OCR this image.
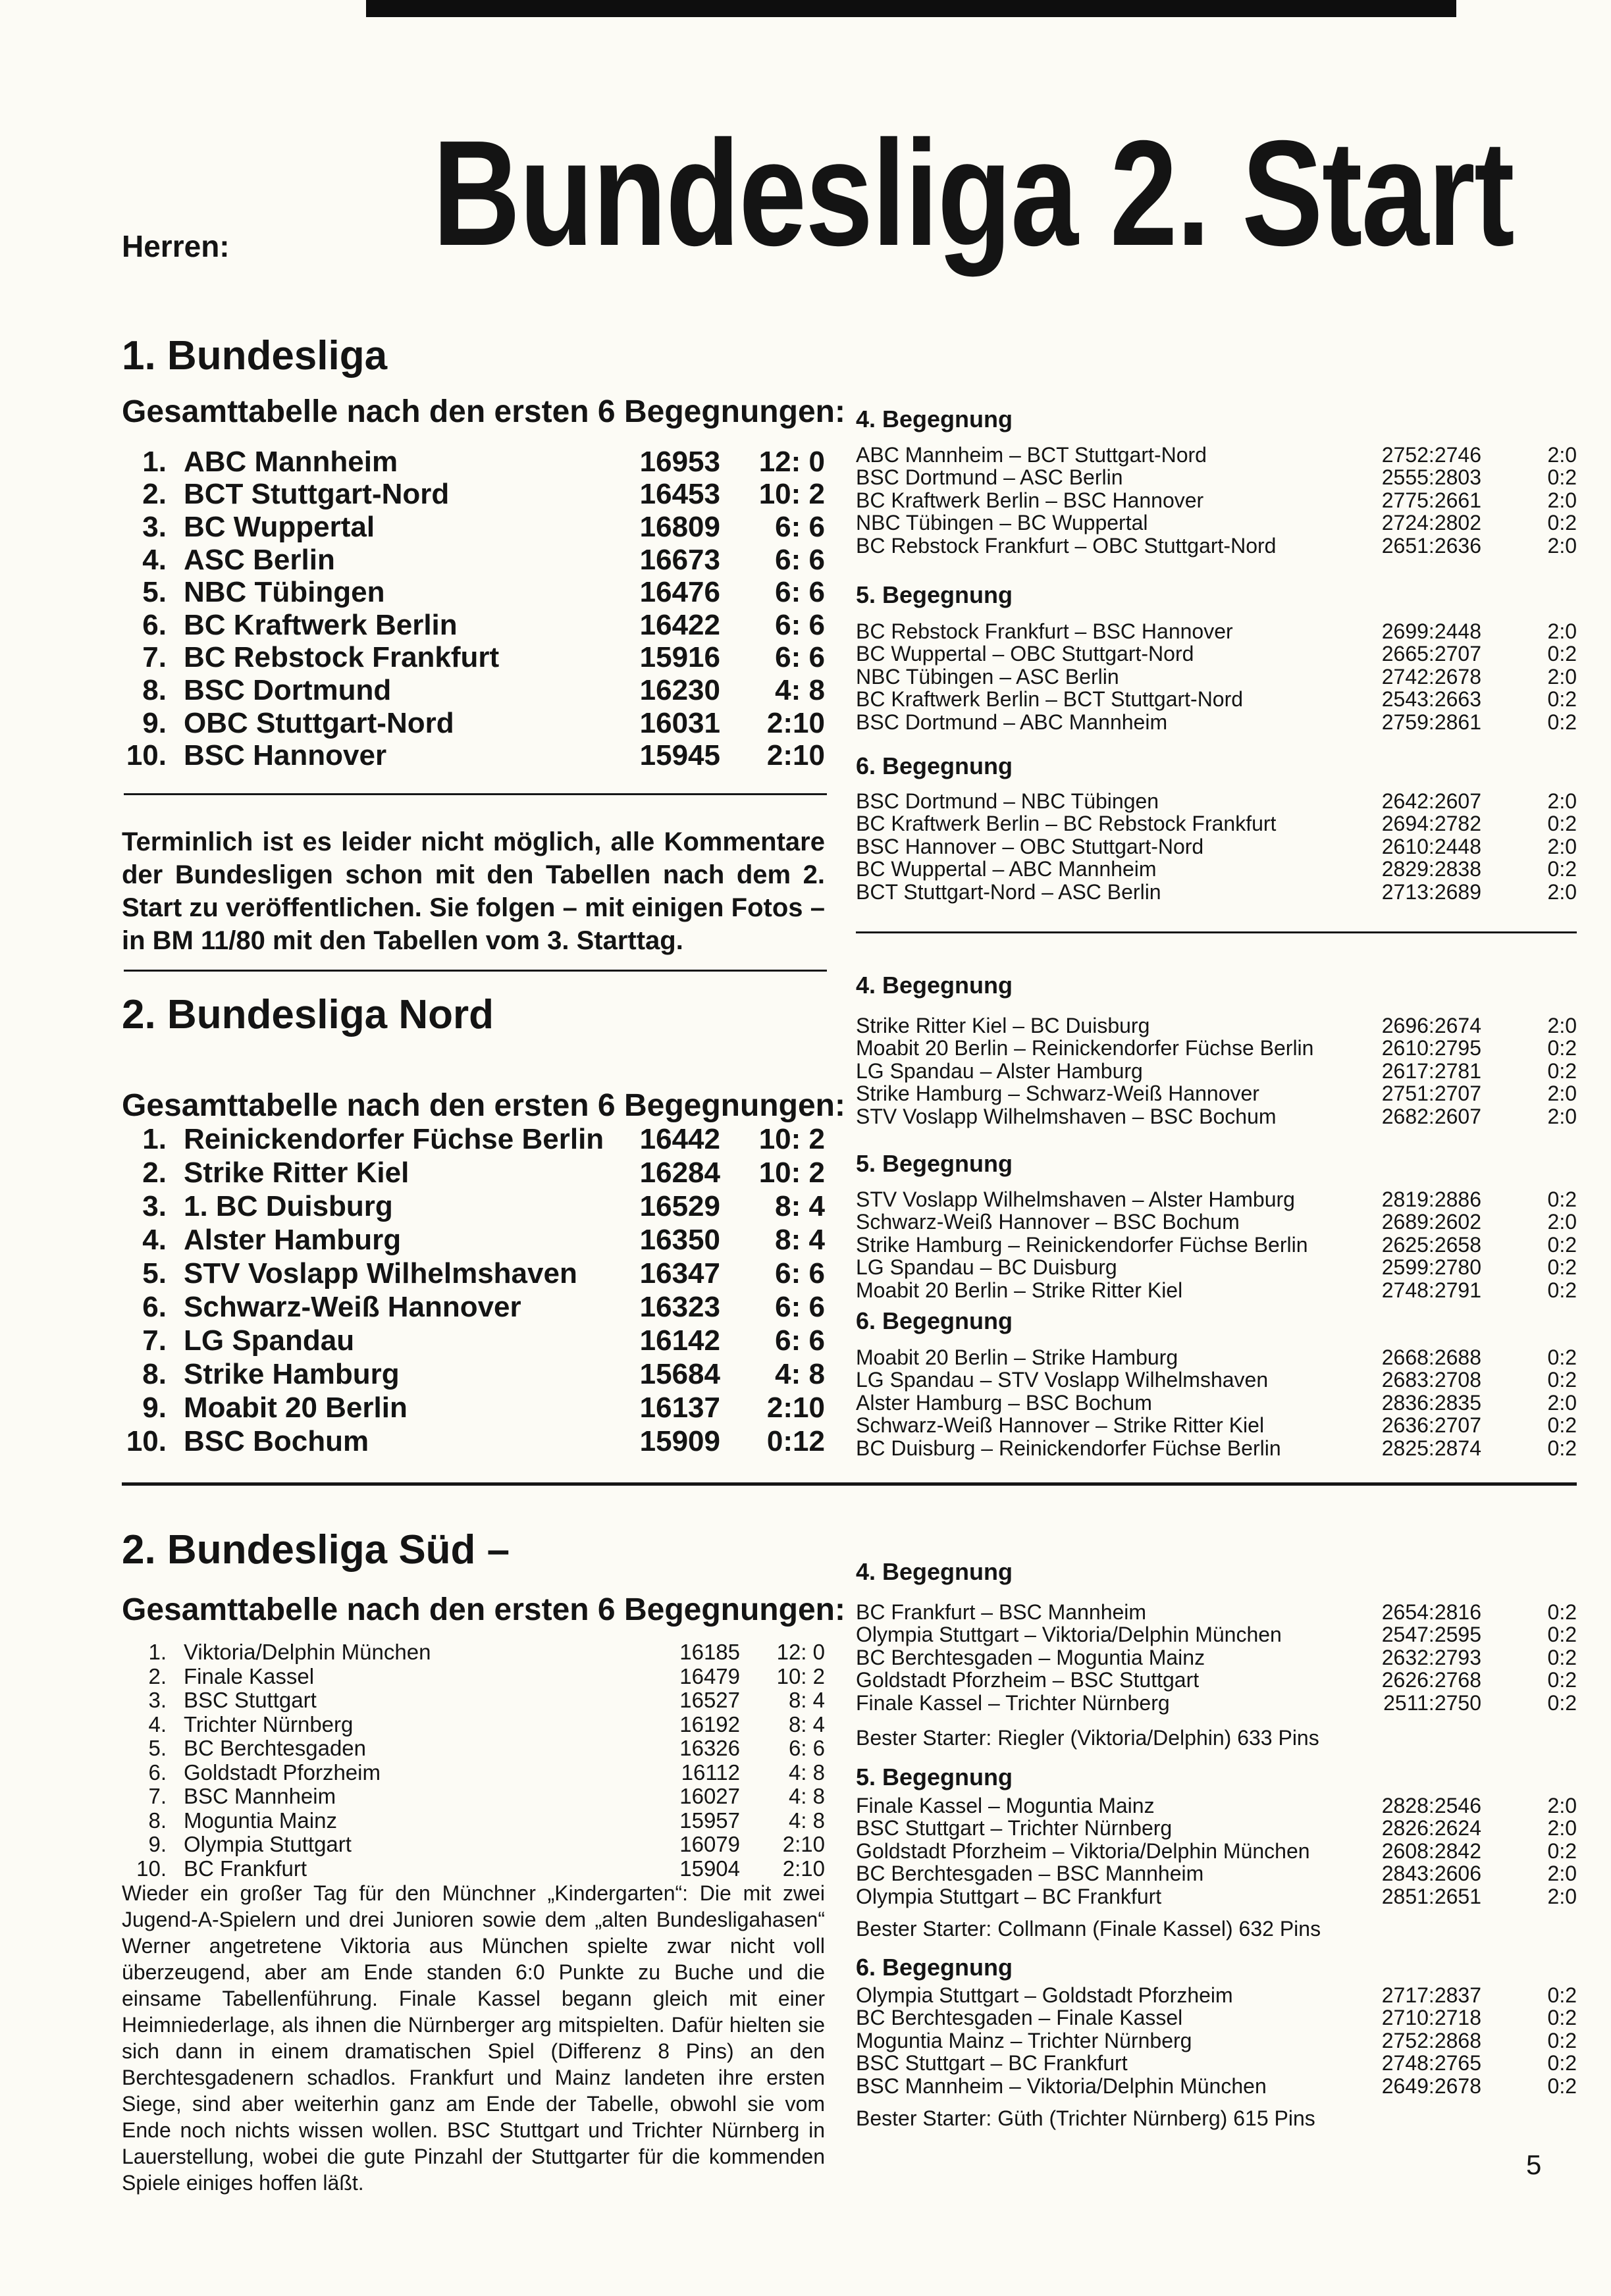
Herren: Bundesliga 2. Start
1. Bundesliga
Gesamttabelle nach den ersten 6 Begegnungen:
1. ABC Mannheim	16953	12: 0
2. BCT Stuttgart-Nord	16453	10: 2
3. BC Wuppertal	16809	6: 6
4. ASC Berlin	16673	6: 6
5. NBC Tübingen	16476	6: 6
6. BC Kraftwerk Berlin	16422	6: 6
7. BC Rebstock Frankfurt	15916	6: 6
8. BSC Dortmund	16230	4: 8
9. OBC Stuttgart-Nord	16031	2:10
10. BSC Hannover	15945	2:10
Terminlich ist es leider nicht möglich, alle Kommentare der Bundesligen schon mit den Tabellen nach dem 2. Start zu veröffentlichen. Sie folgen – mit einigen Fotos – in BM 11/80 mit den Tabellen vom 3. Starttag.
4. Begegnung
ABC Mannheim – BCT Stuttgart-Nord	2752:2746	2:0
BSC Dortmund – ASC Berlin	2555:2803	0:2
BC Kraftwerk Berlin – BSC Hannover	2775:2661	2:0
NBC Tübingen – BC Wuppertal	2724:2802	0:2
BC Rebstock Frankfurt – OBC Stuttgart-Nord	2651:2636	2:0
5. Begegnung
BC Rebstock Frankfurt – BSC Hannover	2699:2448	2:0
BC Wuppertal – OBC Stuttgart-Nord	2665:2707	0:2
NBC Tübingen – ASC Berlin	2742:2678	2:0
BC Kraftwerk Berlin – BCT Stuttgart-Nord	2543:2663	0:2
BSC Dortmund – ABC Mannheim	2759:2861	0:2
6. Begegnung
BSC Dortmund – NBC Tübingen	2642:2607	2:0
BC Kraftwerk Berlin – BC Rebstock Frankfurt	2694:2782	0:2
BSC Hannover – OBC Stuttgart-Nord	2610:2448	2:0
BC Wuppertal – ABC Mannheim	2829:2838	0:2
BCT Stuttgart-Nord – ASC Berlin	2713:2689	2:0
2. Bundesliga Nord
Gesamttabelle nach den ersten 6 Begegnungen:
1. Reinickendorfer Füchse Berlin	16442	10: 2
2. Strike Ritter Kiel	16284	10: 2
3. 1. BC Duisburg	16529	8: 4
4. Alster Hamburg	16350	8: 4
5. STV Voslapp Wilhelmshaven	16347	6: 6
6. Schwarz-Weiß Hannover	16323	6: 6
7. LG Spandau	16142	6: 6
8. Strike Hamburg	15684	4: 8
9. Moabit 20 Berlin	16137	2:10
10. BSC Bochum	15909	0:12
4. Begegnung
Strike Ritter Kiel – BC Duisburg	2696:2674	2:0
Moabit 20 Berlin – Reinickendorfer Füchse Berlin	2610:2795	0:2
LG Spandau – Alster Hamburg	2617:2781	0:2
Strike Hamburg – Schwarz-Weiß Hannover	2751:2707	2:0
STV Voslapp Wilhelmshaven – BSC Bochum	2682:2607	2:0
5. Begegnung
STV Voslapp Wilhelmshaven – Alster Hamburg	2819:2886	0:2
Schwarz-Weiß Hannover – BSC Bochum	2689:2602	2:0
Strike Hamburg – Reinickendorfer Füchse Berlin	2625:2658	0:2
LG Spandau – BC Duisburg	2599:2780	0:2
Moabit 20 Berlin – Strike Ritter Kiel	2748:2791	0:2
6. Begegnung
Moabit 20 Berlin – Strike Hamburg	2668:2688	0:2
LG Spandau – STV Voslapp Wilhelmshaven	2683:2708	0:2
Alster Hamburg – BSC Bochum	2836:2835	2:0
Schwarz-Weiß Hannover – Strike Ritter Kiel	2636:2707	0:2
BC Duisburg – Reinickendorfer Füchse Berlin	2825:2874	0:2
2. Bundesliga Süd –
Gesamttabelle nach den ersten 6 Begegnungen:
1. Viktoria/Delphin München	16185	12: 0
2. Finale Kassel	16479	10: 2
3. BSC Stuttgart	16527	8: 4
4. Trichter Nürnberg	16192	8: 4
5. BC Berchtesgaden	16326	6: 6
6. Goldstadt Pforzheim	16112	4: 8
7. BSC Mannheim	16027	4: 8
8. Moguntia Mainz	15957	4: 8
9. Olympia Stuttgart	16079	2:10
10. BC Frankfurt	15904	2:10
Wieder ein großer Tag für den Münchner „Kindergarten“: Die mit zwei Jugend-A-Spielern und drei Junioren sowie dem „alten Bundesligahasen“ Werner angetretene Viktoria aus München spielte zwar nicht voll überzeugend, aber am Ende standen 6:0 Punkte zu Buche und die einsame Tabellenführung. Finale Kassel begann gleich mit einer Heimniederlage, als ihnen die Nürnberger arg mitspielten. Dafür hielten sie sich dann in einem dramatischen Spiel (Differenz 8 Pins) an den Berchtesgadenern schadlos. Frankfurt und Mainz landeten ihre ersten Siege, sind aber weiterhin ganz am Ende der Tabelle, obwohl sie vom Ende noch nichts wissen wollen. BSC Stuttgart und Trichter Nürnberg in Lauerstellung, wobei die gute Pinzahl der Stuttgarter für die kommenden Spiele einiges hoffen läßt.
4. Begegnung
BC Frankfurt – BSC Mannheim	2654:2816	0:2
Olympia Stuttgart – Viktoria/Delphin München	2547:2595	0:2
BC Berchtesgaden – Moguntia Mainz	2632:2793	0:2
Goldstadt Pforzheim – BSC Stuttgart	2626:2768	0:2
Finale Kassel – Trichter Nürnberg	2511:2750	0:2
Bester Starter: Riegler (Viktoria/Delphin) 633 Pins
5. Begegnung
Finale Kassel – Moguntia Mainz	2828:2546	2:0
BSC Stuttgart – Trichter Nürnberg	2826:2624	2:0
Goldstadt Pforzheim – Viktoria/Delphin München	2608:2842	0:2
BC Berchtesgaden – BSC Mannheim	2843:2606	2:0
Olympia Stuttgart – BC Frankfurt	2851:2651	2:0
Bester Starter: Collmann (Finale Kassel) 632 Pins
6. Begegnung
Olympia Stuttgart – Goldstadt Pforzheim	2717:2837	0:2
BC Berchtesgaden – Finale Kassel	2710:2718	0:2
Moguntia Mainz – Trichter Nürnberg	2752:2868	0:2
BSC Stuttgart – BC Frankfurt	2748:2765	0:2
BSC Mannheim – Viktoria/Delphin München	2649:2678	0:2
Bester Starter: Güth (Trichter Nürnberg) 615 Pins
5
